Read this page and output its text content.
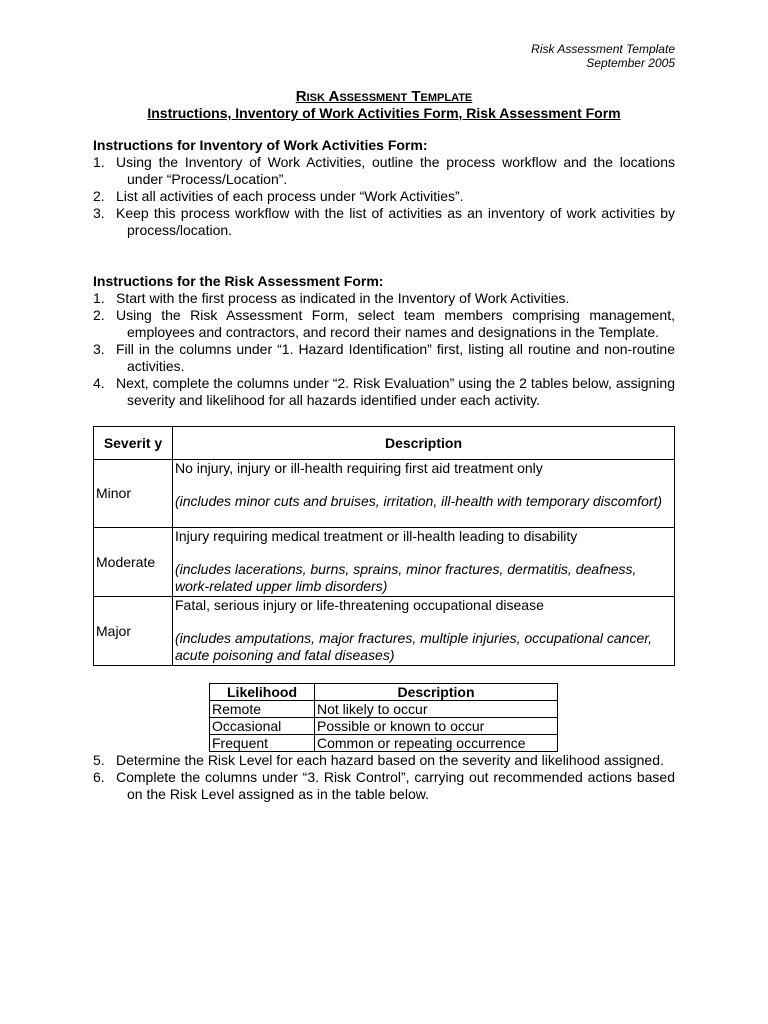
Risk Assessment Template
September 2005
Risk Assessment Template
Instructions, Inventory of Work Activities Form, Risk Assessment Form
Instructions for Inventory of Work Activities Form:
1. Using the Inventory of Work Activities, outline the process workflow and the locations under “Process/Location”.
2. List all activities of each process under “Work Activities”.
3. Keep this process workflow with the list of activities as an inventory of work activities by process/location.
Instructions for the Risk Assessment Form:
1. Start with the first process as indicated in the Inventory of Work Activities.
2. Using the Risk Assessment Form, select team members comprising management, employees and contractors, and record their names and designations in the Template.
3. Fill in the columns under “1. Hazard Identification” first, listing all routine and non-routine activities.
4. Next, complete the columns under “2. Risk Evaluation” using the 2 tables below, assigning severity and likelihood for all hazards identified under each activity.
Severit y	Description
Minor	No injury, injury or ill-health requiring first aid treatment only
(includes minor cuts and bruises, irritation, ill-health with temporary discomfort)

Moderate	Injury requiring medical treatment or ill-health leading to disability
(includes lacerations, burns, sprains, minor fractures, dermatitis, deafness, work-related upper limb disorders)

Major	Fatal, serious injury or life-threatening occupational disease
(includes amputations, major fractures, multiple injuries, occupational cancer, acute poisoning and fatal diseases)
Likelihood	Description
Remote	Not likely to occur
Occasional	Possible or known to occur
Frequent	Common or repeating occurrence
5. Determine the Risk Level for each hazard based on the severity and likelihood assigned.
6. Complete the columns under “3. Risk Control”, carrying out recommended actions based on the Risk Level assigned as in the table below.
